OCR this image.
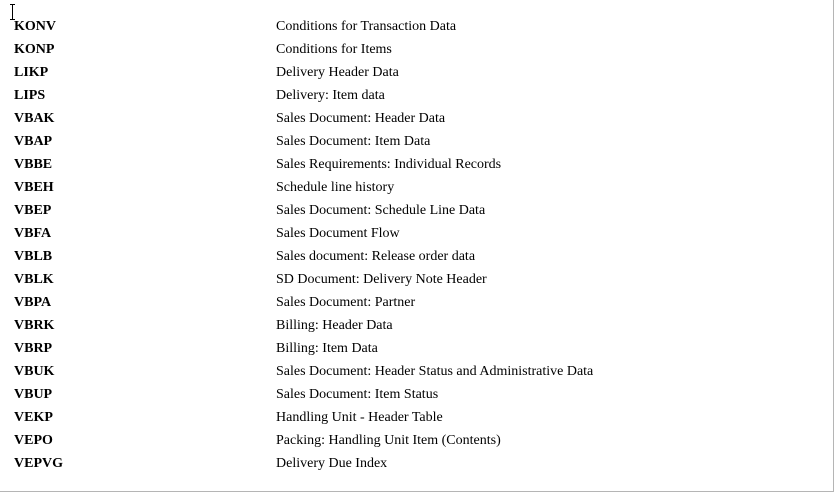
KONV	Conditions for Transaction Data
KONP	Conditions for Items
LIKP	Delivery Header Data
LIPS	Delivery: Item data
VBAK	Sales Document: Header Data
VBAP	Sales Document: Item Data
VBBE	Sales Requirements: Individual Records
VBEH	Schedule line history
VBEP	Sales Document: Schedule Line Data
VBFA	Sales Document Flow
VBLB	Sales document: Release order data
VBLK	SD Document: Delivery Note Header
VBPA	Sales Document: Partner
VBRK	Billing: Header Data
VBRP	Billing: Item Data
VBUK	Sales Document: Header Status and Administrative Data
VBUP	Sales Document: Item Status
VEKP	Handling Unit - Header Table
VEPO	Packing: Handling Unit Item (Contents)
VEPVG	Delivery Due Index
